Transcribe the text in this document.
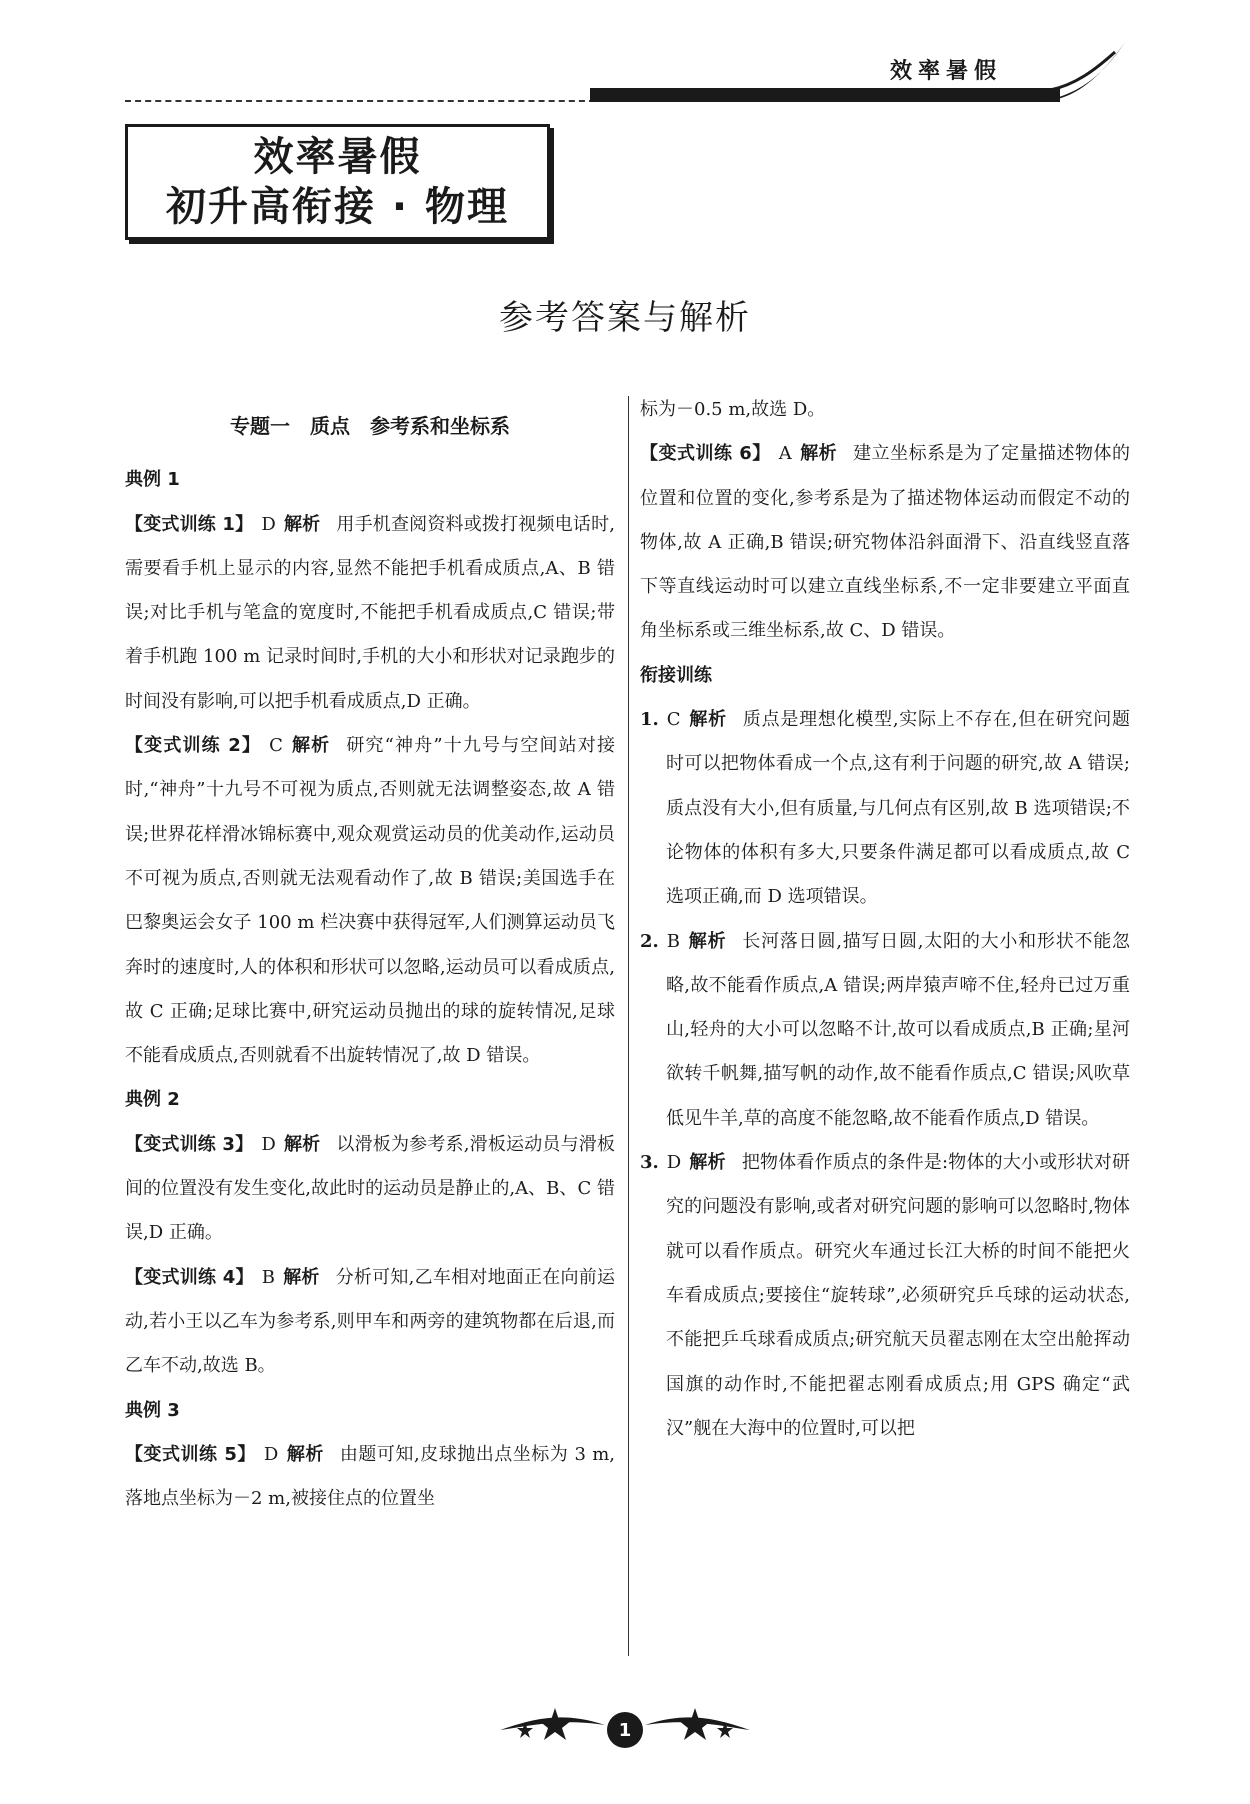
效率暑假
效率暑假
初升高衔接 · 物理
参考答案与解析

专题一　质点　参考系和坐标系

典例 1

【变式训练 1】 D 解析 用手机查阅资料或拨打视频电话时,需要看手机上显示的内容,显然不能把手机看成质点,A、B 错误;对比手机与笔盒的宽度时,不能把手机看成质点,C 错误;带着手机跑 100 m 记录时间时,手机的大小和形状对记录跑步的时间没有影响,可以把手机看成质点,D 正确。

【变式训练 2】 C 解析 研究“神舟”十九号与空间站对接时,“神舟”十九号不可视为质点,否则就无法调整姿态,故 A 错误;世界花样滑冰锦标赛中,观众观赏运动员的优美动作,运动员不可视为质点,否则就无法观看动作了,故 B 错误;美国选手在巴黎奥运会女子 100 m 栏决赛中获得冠军,人们测算运动员飞奔时的速度时,人的体积和形状可以忽略,运动员可以看成质点,故 C 正确;足球比赛中,研究运动员抛出的球的旋转情况,足球不能看成质点,否则就看不出旋转情况了,故 D 错误。

典例 2

【变式训练 3】 D 解析 以滑板为参考系,滑板运动员与滑板间的位置没有发生变化,故此时的运动员是静止的,A、B、C 错误,D 正确。

【变式训练 4】 B 解析 分析可知,乙车相对地面正在向前运动,若小王以乙车为参考系,则甲车和两旁的建筑物都在后退,而乙车不动,故选 B。

典例 3

【变式训练 5】 D 解析 由题可知,皮球抛出点坐标为 3 m,落地点坐标为－2 m,被接住点的位置坐

标为－0.5 m,故选 D。

【变式训练 6】 A 解析 建立坐标系是为了定量描述物体的位置和位置的变化,参考系是为了描述物体运动而假定不动的物体,故 A 正确,B 错误;研究物体沿斜面滑下、沿直线竖直落下等直线运动时可以建立直线坐标系,不一定非要建立平面直角坐标系或三维坐标系,故 C、D 错误。

衔接训练

1. C 解析 质点是理想化模型,实际上不存在,但在研究问题时可以把物体看成一个点,这有利于问题的研究,故 A 错误;质点没有大小,但有质量,与几何点有区别,故 B 选项错误;不论物体的体积有多大,只要条件满足都可以看成质点,故 C 选项正确,而 D 选项错误。

2. B 解析 长河落日圆,描写日圆,太阳的大小和形状不能忽略,故不能看作质点,A 错误;两岸猿声啼不住,轻舟已过万重山,轻舟的大小可以忽略不计,故可以看成质点,B 正确;星河欲转千帆舞,描写帆的动作,故不能看作质点,C 错误;风吹草低见牛羊,草的高度不能忽略,故不能看作质点,D 错误。

3. D 解析 把物体看作质点的条件是:物体的大小或形状对研究的问题没有影响,或者对研究问题的影响可以忽略时,物体就可以看作质点。研究火车通过长江大桥的时间不能把火车看成质点;要接住“旋转球”,必须研究乒乓球的运动状态,不能把乒乓球看成质点;研究航天员翟志刚在太空出舱挥动国旗的动作时,不能把翟志刚看成质点;用 GPS 确定“武汉”舰在大海中的位置时,可以把

1
